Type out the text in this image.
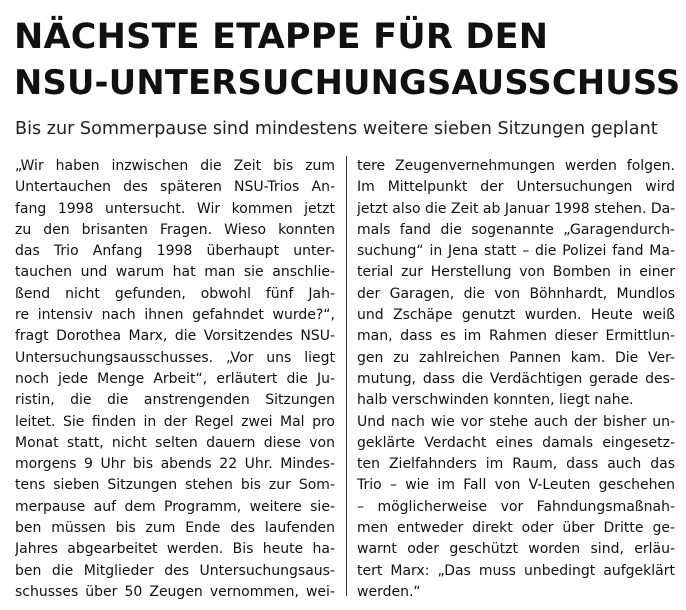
NÄCHSTE ETAPPE FÜR DEN
NSU-UNTERSUCHUNGSAUSSCHUSS

Bis zur Sommerpause sind mindestens weitere sieben Sitzungen geplant

„Wir haben inzwischen die Zeit bis zum
Untertauchen des späteren NSU-Trios An-
fang 1998 untersucht. Wir kommen jetzt
zu den brisanten Fragen. Wieso konnten
das Trio Anfang 1998 überhaupt unter-
tauchen und warum hat man sie anschlie-
ßend nicht gefunden, obwohl fünf Jah-
re intensiv nach ihnen gefahndet wurde?“,
fragt Dorothea Marx, die Vorsitzendes NSU-
Untersuchungsausschusses. „Vor uns liegt
noch jede Menge Arbeit“, erläutert die Ju-
ristin, die die anstrengenden Sitzungen
leitet. Sie finden in der Regel zwei Mal pro
Monat statt, nicht selten dauern diese von
morgens 9 Uhr bis abends 22 Uhr. Mindes-
tens sieben Sitzungen stehen bis zur Som-
merpause auf dem Programm, weitere sie-
ben müssen bis zum Ende des laufenden
Jahres abgearbeitet werden. Bis heute ha-
ben die Mitglieder des Untersuchungsaus-
schusses über 50 Zeugen vernommen, wei-
tere Zeugenvernehmungen werden folgen.
Im Mittelpunkt der Untersuchungen wird
jetzt also die Zeit ab Januar 1998 stehen. Da-
mals fand die sogenannte „Garagendurch-
suchung“ in Jena statt – die Polizei fand Ma-
terial zur Herstellung von Bomben in einer
der Garagen, die von Böhnhardt, Mundlos
und Zschäpe genutzt wurden. Heute weiß
man, dass es im Rahmen dieser Ermittlun-
gen zu zahlreichen Pannen kam. Die Ver-
mutung, dass die Verdächtigen gerade des-
halb verschwinden konnten, liegt nahe.
Und nach wie vor stehe auch der bisher un-
geklärte Verdacht eines damals eingesetz-
ten Zielfahnders im Raum, dass auch das
Trio – wie im Fall von V-Leuten geschehen
– möglicherweise vor Fahndungsmaßnah-
men entweder direkt oder über Dritte ge-
warnt oder geschützt worden sind, erläu-
tert Marx: „Das muss unbedingt aufgeklärt
werden.“
